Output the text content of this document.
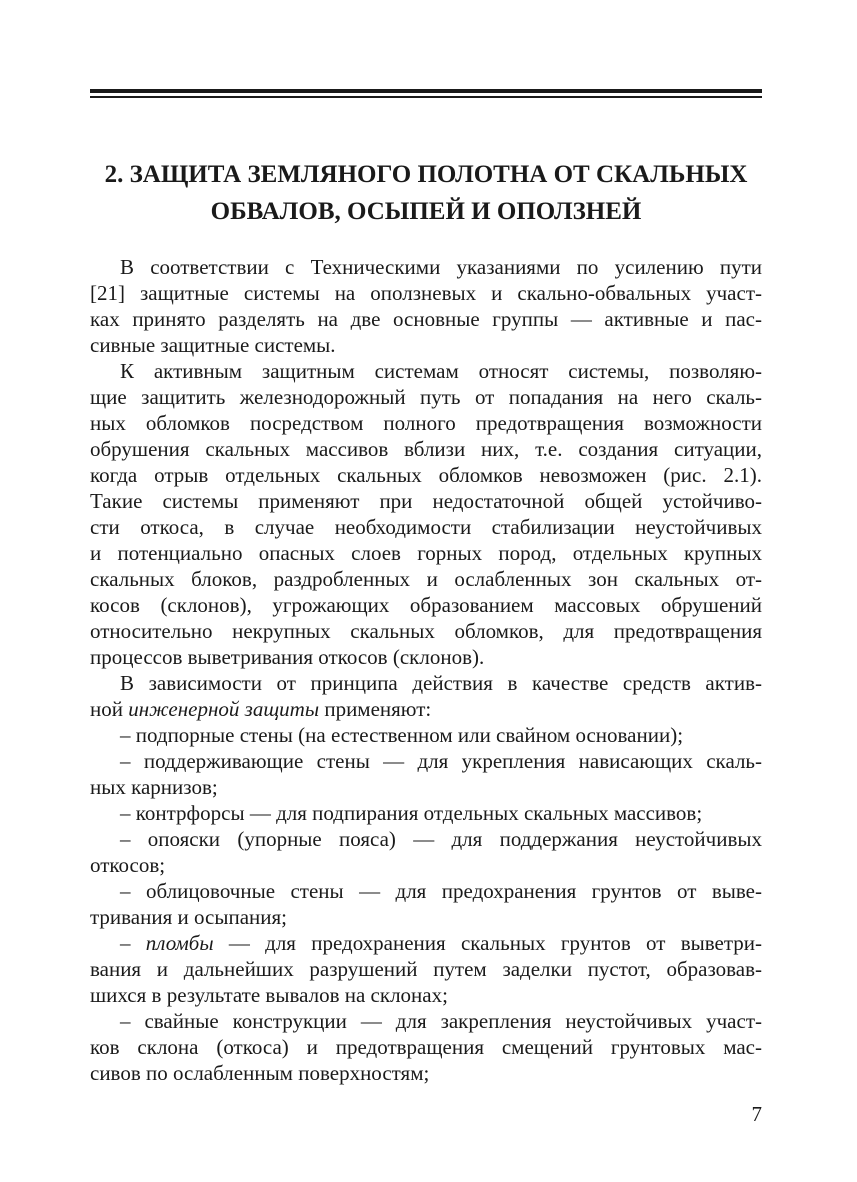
2. ЗАЩИТА ЗЕМЛЯНОГО ПОЛОТНА ОТ СКАЛЬНЫХ
ОБВАЛОВ, ОСЫПЕЙ И ОПОЛЗНЕЙ
В соответствии с Техническими указаниями по усилению пути
[21] защитные системы на оползневых и скально-обвальных участ-
ках принято разделять на две основные группы — активные и пас-
сивные защитные системы.
К активным защитным системам относят системы, позволяю-
щие защитить железнодорожный путь от попадания на него скаль-
ных обломков посредством полного предотвращения возможности
обрушения скальных массивов вблизи них, т.е. создания ситуации,
когда отрыв отдельных скальных обломков невозможен (рис. 2.1).
Такие системы применяют при недостаточной общей устойчиво-
сти откоса, в случае необходимости стабилизации неустойчивых
и потенциально опасных слоев горных пород, отдельных крупных
скальных блоков, раздробленных и ослабленных зон скальных от-
косов (склонов), угрожающих образованием массовых обрушений
относительно некрупных скальных обломков, для предотвращения
процессов выветривания откосов (склонов).
В зависимости от принципа действия в качестве средств актив-
ной инженерной защиты применяют:
– подпорные стены (на естественном или свайном основании);
– поддерживающие стены — для укрепления нависающих скаль-
ных карнизов;
– контрфорсы — для подпирания отдельных скальных массивов;
– опояски (упорные пояса) — для поддержания неустойчивых
откосов;
– облицовочные стены — для предохранения грунтов от выве-
тривания и осыпания;
– пломбы — для предохранения скальных грунтов от выветри-
вания и дальнейших разрушений путем заделки пустот, образовав-
шихся в результате вывалов на склонах;
– свайные конструкции — для закрепления неустойчивых участ-
ков склона (откоса) и предотвращения смещений грунтовых мас-
сивов по ослабленным поверхностям;
7
